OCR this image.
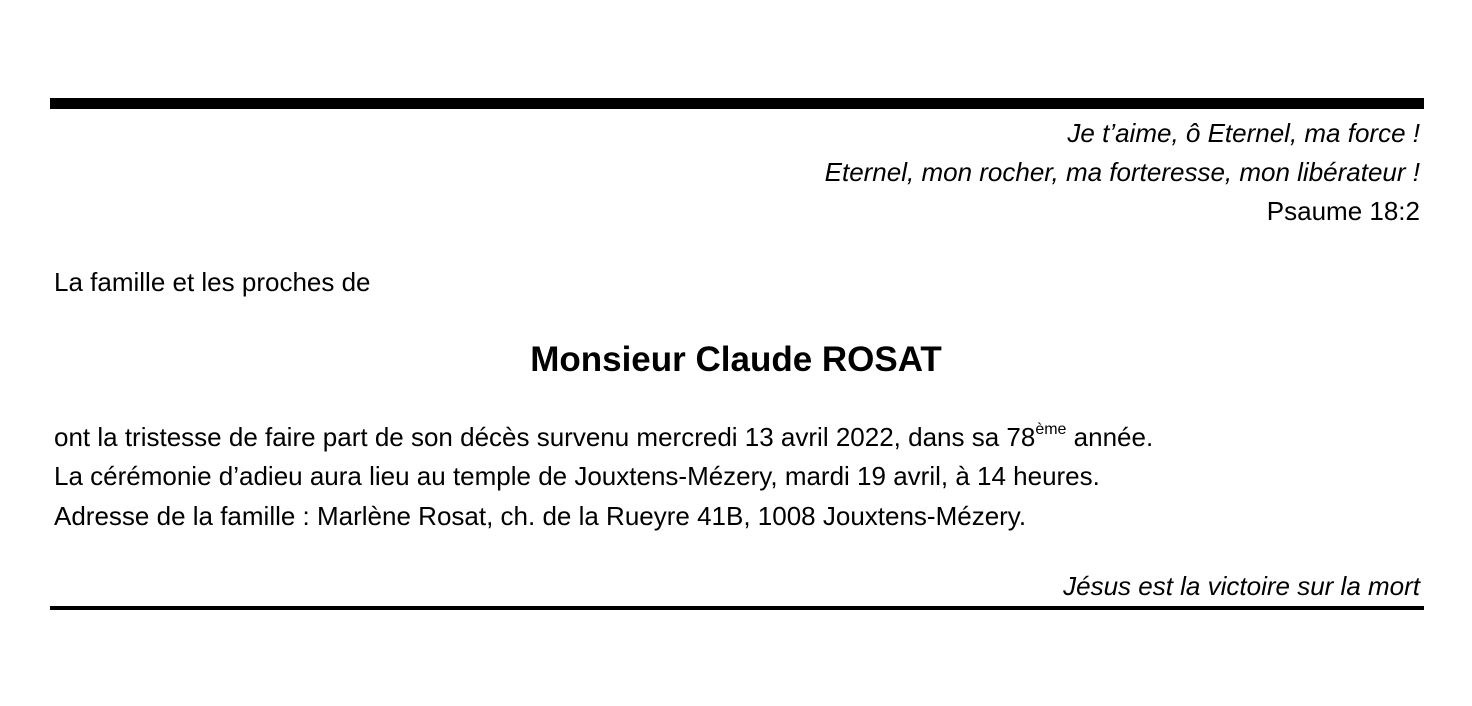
Je t’aime, ô Eternel, ma force !
Eternel, mon rocher, ma forteresse, mon libérateur !
Psaume 18:2
La famille et les proches de
Monsieur Claude ROSAT
ont la tristesse de faire part de son décès survenu mercredi 13 avril 2022, dans sa 78ème année.
La cérémonie d’adieu aura lieu au temple de Jouxtens-Mézery, mardi 19 avril, à 14 heures.
Adresse de la famille : Marlène Rosat, ch. de la Rueyre 41B, 1008 Jouxtens-Mézery.
Jésus est la victoire sur la mort
